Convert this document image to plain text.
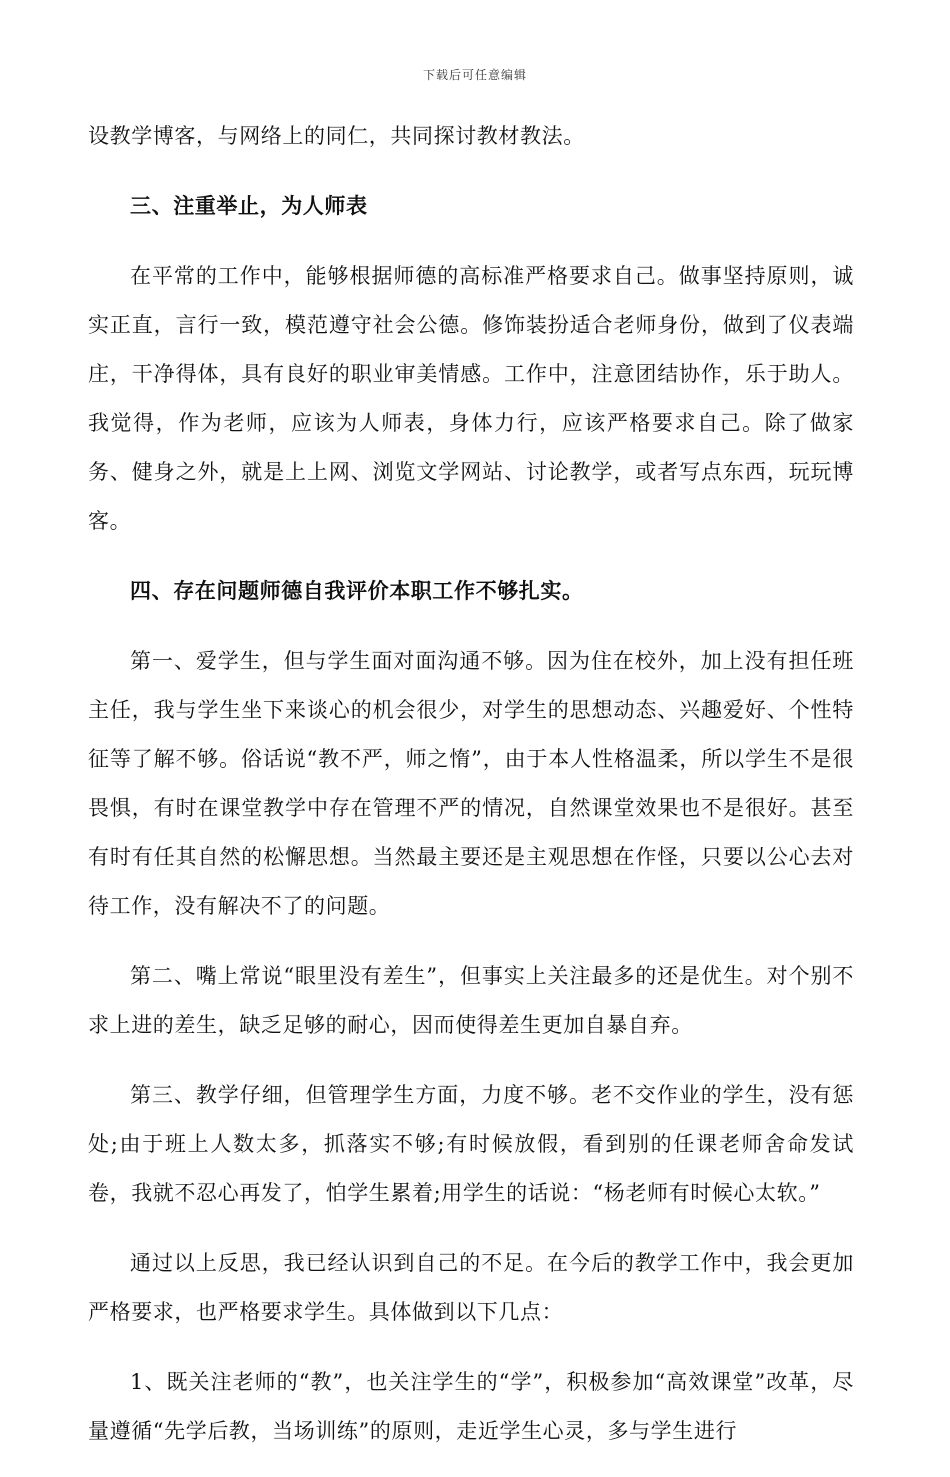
下载后可任意编辑

设教学博客，与网络上的同仁，共同探讨教材教法。

三、注重举止，为人师表

在平常的工作中，能够根据师德的高标准严格要求自己。做事坚持原则，诚实正直，言行一致，模范遵守社会公德。修饰装扮适合老师身份，做到了仪表端庄，干净得体，具有良好的职业审美情感。工作中，注意团结协作，乐于助人。我觉得，作为老师，应该为人师表，身体力行，应该严格要求自己。除了做家务、健身之外，就是上上网、浏览文学网站、讨论教学，或者写点东西，玩玩博客。

四、存在问题师德自我评价本职工作不够扎实。

第一、爱学生，但与学生面对面沟通不够。因为住在校外，加上没有担任班主任，我与学生坐下来谈心的机会很少，对学生的思想动态、兴趣爱好、个性特征等了解不够。俗话说“教不严，师之惰”，由于本人性格温柔，所以学生不是很畏惧，有时在课堂教学中存在管理不严的情况，自然课堂效果也不是很好。甚至有时有任其自然的松懈思想。当然最主要还是主观思想在作怪，只要以公心去对待工作，没有解决不了的问题。

第二、嘴上常说“眼里没有差生”，但事实上关注最多的还是优生。对个别不求上进的差生，缺乏足够的耐心，因而使得差生更加自暴自弃。

第三、教学仔细，但管理学生方面，力度不够。老不交作业的学生，没有惩处;由于班上人数太多，抓落实不够;有时候放假，看到别的任课老师舍命发试卷，我就不忍心再发了，怕学生累着;用学生的话说：“杨老师有时候心太软。”

通过以上反思，我已经认识到自己的不足。在今后的教学工作中，我会更加严格要求，也严格要求学生。具体做到以下几点：

1、既关注老师的“教”，也关注学生的“学”，积极参加“高效课堂”改革，尽量遵循“先学后教，当场训练”的原则，走近学生心灵，多与学生进行
